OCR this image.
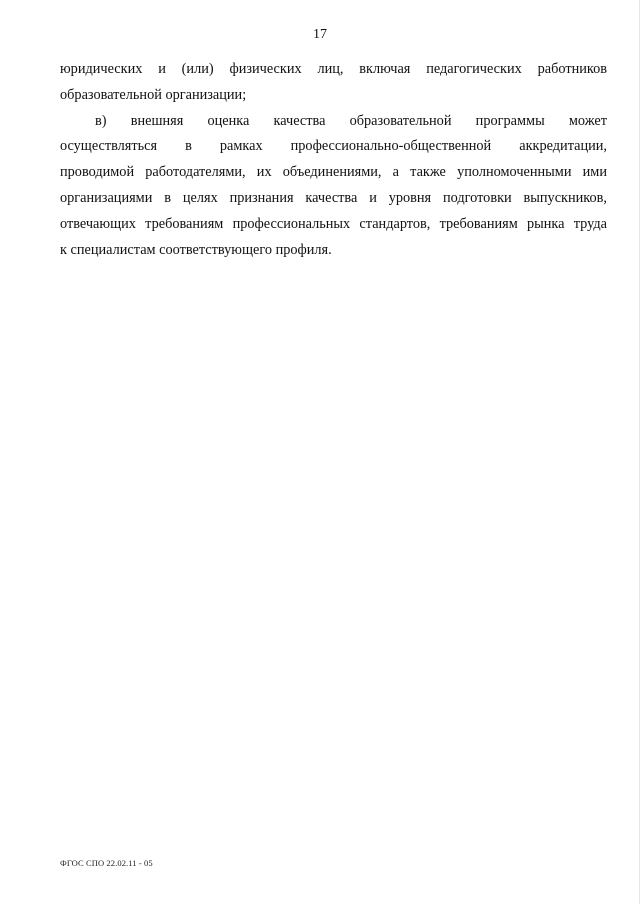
17
юридических и (или) физических лиц, включая педагогических работников
образовательной организации;
в) внешняя оценка качества образовательной программы может
осуществляться в рамках профессионально-общественной аккредитации,
проводимой работодателями, их объединениями, а также уполномоченными ими
организациями в целях признания качества и уровня подготовки выпускников,
отвечающих требованиям профессиональных стандартов, требованиям рынка труда
к специалистам соответствующего профиля.
ФГОС СПО 22.02.11 - 05
